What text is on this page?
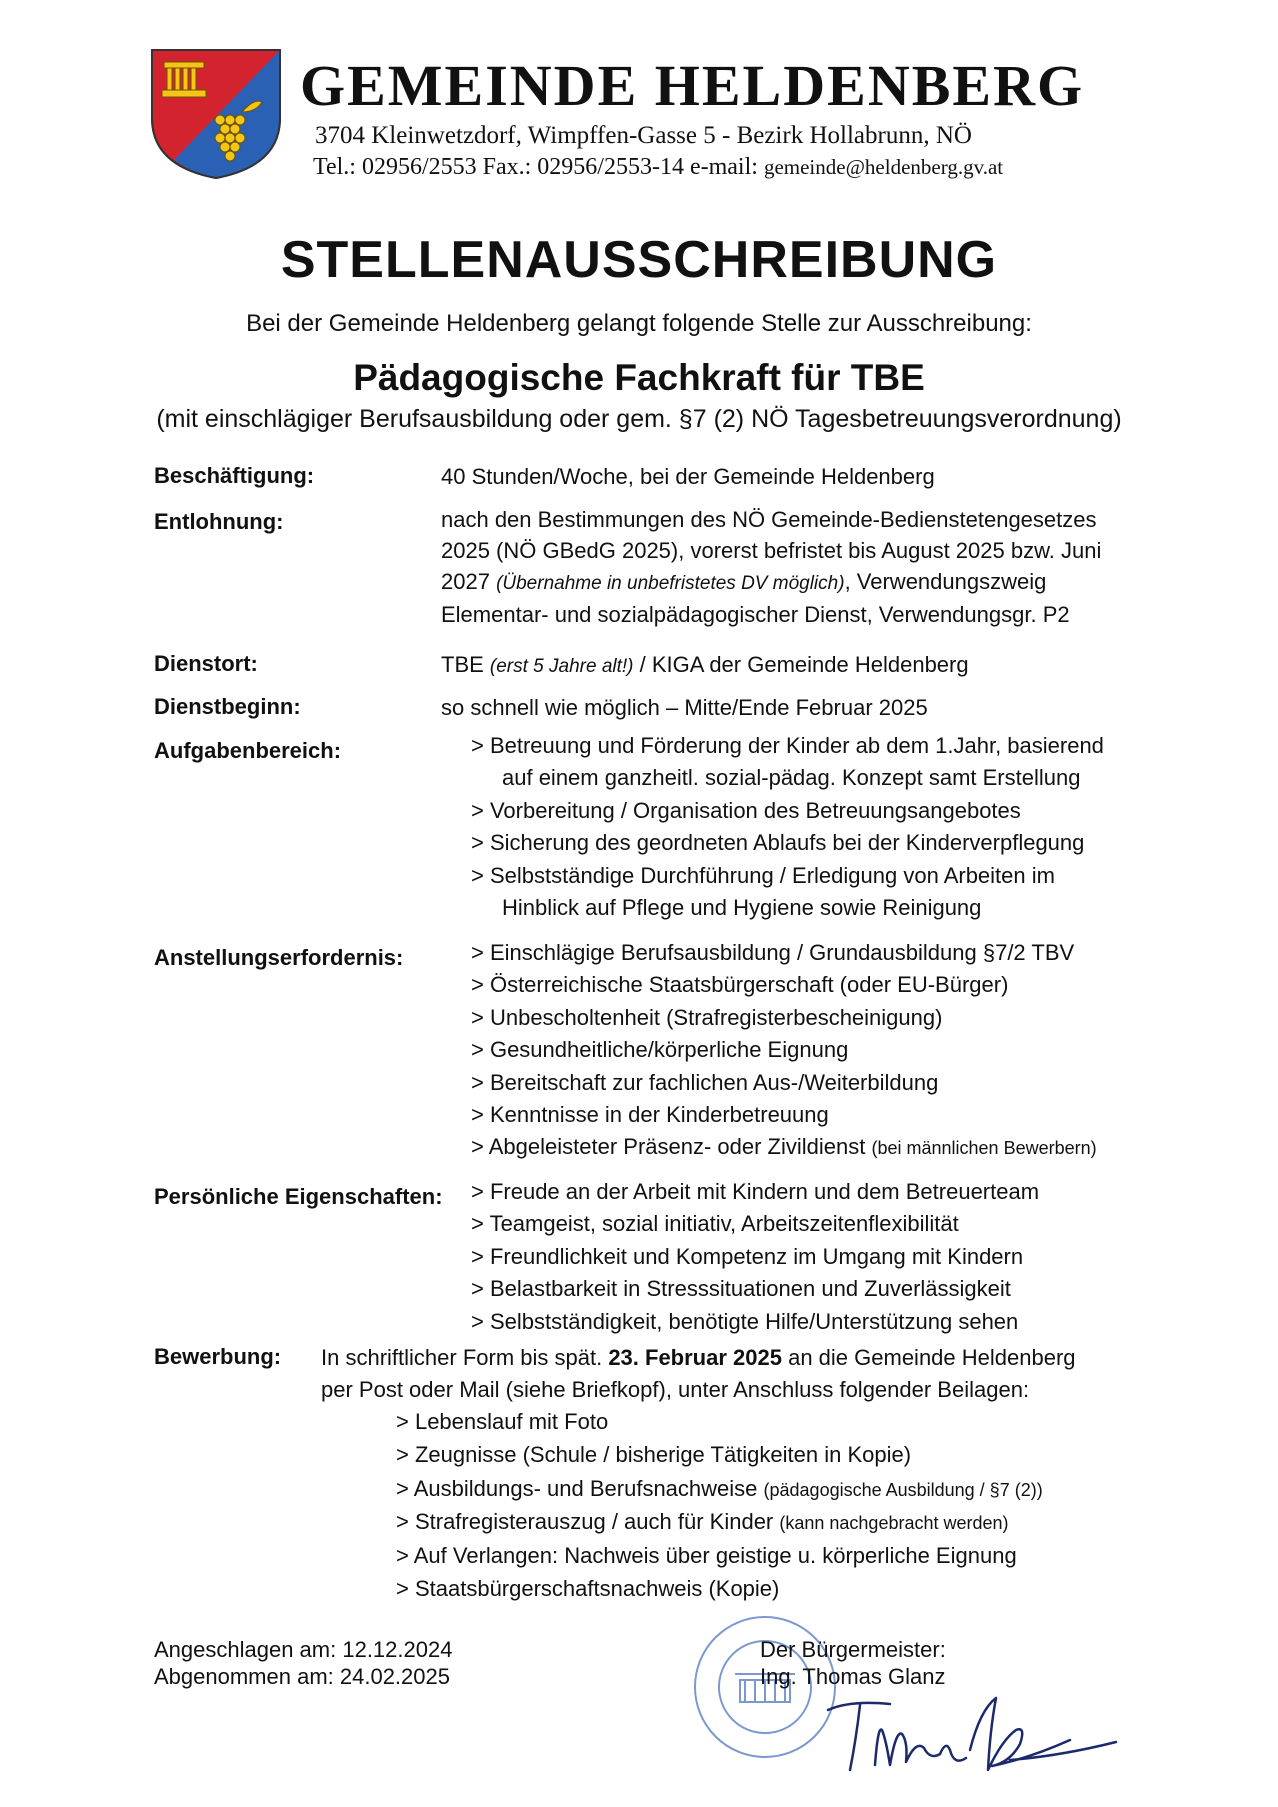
GEMEINDE HELDENBERG
3704 Kleinwetzdorf, Wimpffen-Gasse 5 - Bezirk Hollabrunn, NÖ
Tel.: 02956/2553 Fax.: 02956/2553-14 e-mail: gemeinde@heldenberg.gv.at
STELLENAUSSCHREIBUNG
Bei der Gemeinde Heldenberg gelangt folgende Stelle zur Ausschreibung:
Pädagogische Fachkraft für TBE
(mit einschlägiger Berufsausbildung oder gem. §7 (2) NÖ Tagesbetreuungsverordnung)
Beschäftigung:	40 Stunden/Woche, bei der Gemeinde Heldenberg
Entlohnung:	nach den Bestimmungen des NÖ Gemeinde-Bedienstetengesetzes
2025 (NÖ GBedG 2025), vorerst befristet bis August 2025 bzw. Juni
2027 (Übernahme in unbefristetes DV möglich), Verwendungszweig
Elementar- und sozialpädagogischer Dienst, Verwendungsgr. P2
Dienstort:	TBE (erst 5 Jahre alt!) / KIGA der Gemeinde Heldenberg
Dienstbeginn:	so schnell wie möglich – Mitte/Ende Februar 2025
Aufgabenbereich:	> Betreuung und Förderung der Kinder ab dem 1.Jahr, basierend
auf einem ganzheitl. sozial-pädag. Konzept samt Erstellung
> Vorbereitung / Organisation des Betreuungsangebotes
> Sicherung des geordneten Ablaufs bei der Kinderverpflegung
> Selbstständige Durchführung / Erledigung von Arbeiten im
Hinblick auf Pflege und Hygiene sowie Reinigung
Anstellungserfordernis:	> Einschlägige Berufsausbildung / Grundausbildung §7/2 TBV
> Österreichische Staatsbürgerschaft (oder EU-Bürger)
> Unbescholtenheit (Strafregisterbescheinigung)
> Gesundheitliche/körperliche Eignung
> Bereitschaft zur fachlichen Aus-/Weiterbildung
> Kenntnisse in der Kinderbetreuung
> Abgeleisteter Präsenz- oder Zivildienst (bei männlichen Bewerbern)
Persönliche Eigenschaften: > Freude an der Arbeit mit Kindern und dem Betreuerteam
> Teamgeist, sozial initiativ, Arbeitszeitenflexibilität
> Freundlichkeit und Kompetenz im Umgang mit Kindern
> Belastbarkeit in Stresssituationen und Zuverlässigkeit
> Selbstständigkeit, benötigte Hilfe/Unterstützung sehen
Bewerbung: In schriftlicher Form bis spät. 23. Februar 2025 an die Gemeinde Heldenberg
per Post oder Mail (siehe Briefkopf), unter Anschluss folgender Beilagen:
> Lebenslauf mit Foto
> Zeugnisse (Schule / bisherige Tätigkeiten in Kopie)
> Ausbildungs- und Berufsnachweise (pädagogische Ausbildung / §7 (2))
> Strafregisterauszug / auch für Kinder (kann nachgebracht werden)
> Auf Verlangen: Nachweis über geistige u. körperliche Eignung
> Staatsbürgerschaftsnachweis (Kopie)
Angeschlagen am: 12.12.2024
Abgenommen am: 24.02.2025
Der Bürgermeister:
Ing. Thomas Glanz
